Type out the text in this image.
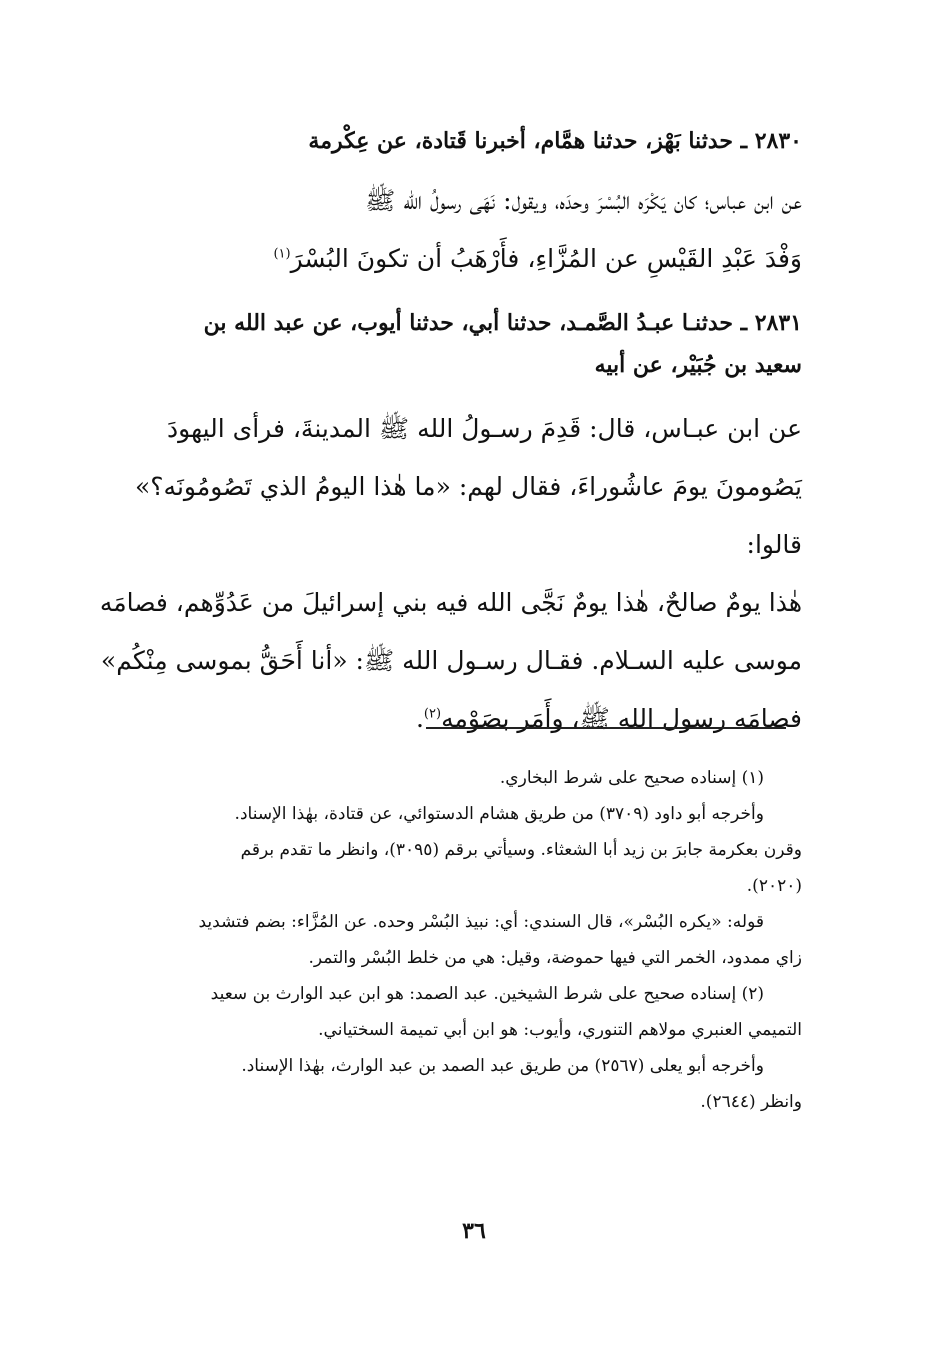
٢٨٣٠ ـ حدثنا بَهْز، حدثنا همَّام، أخبرنا قَتادة، عن عِكْرمة

عن ابن عباس؛ كان يَكْرَه البُسْرَ وحدَه، ويقول: نَهَى رسولُ الله ﷺ

وَفْدَ عَبْدِ القَيْسِ عن المُزَّاءِ، فأَرْهَبُ أن تكونَ البُسْرَ$^{(١)}$

٢٨٣١ ـ حدثنـا عبـدُ الصَّمـد، حدثنا أبي، حدثنا أيوب، عن عبد الله بن

سعيد بن جُبَيْر، عن أبيه

عن ابن عبـاس، قال: قَدِمَ رسـولُ الله ﷺ المدينةَ، فرأى اليهودَ

يَصُومونَ يومَ عاشُوراءَ، فقال لهم: «ما هٰذا اليومُ الذي تَصُومُونَه؟» قالوا:

هٰذا يومٌ صالحٌ، هٰذا يومٌ نَجَّى الله فيه بني إسرائيلَ من عَدُوِّهم، فصامَه

موسى عليه السـلام. فقـال رسـول الله ﷺ: «أنا أَحَقُّ بموسى مِنْكُم»

فصامَه رسول الله ﷺ، وأَمَر بصَوْمه$^{(٢)}$.

(١) إسناده صحيح على شرط البخاري.

وأخرجه أبو داود (٣٧٠٩) من طريق هشام الدستوائي، عن قتادة، بهٰذا الإسناد.

وقرن بعكرمة جابرَ بن زيد أبا الشعثاء. وسيأتي برقم (٣٠٩٥)، وانظر ما تقدم برقم

(٢٠٢٠).

قوله: «يكره البُسْر»، قال السندي: أي: نبيذ البُسْر وحده. عن المُزَّاء: بضم فتشديد

زاي ممدود، الخمر التي فيها حموضة، وقيل: هي من خلط البُسْر والتمر.

(٢) إسناده صحيح على شرط الشيخين. عبد الصمد: هو ابن عبد الوارث بن سعيد

التميمي العنبري مولاهم التنوري، وأيوب: هو ابن أبي تميمة السختياني.

وأخرجه أبو يعلى (٢٥٦٧) من طريق عبد الصمد بن عبد الوارث، بهٰذا الإسناد.

وانظر (٢٦٤٤).

٣٦
